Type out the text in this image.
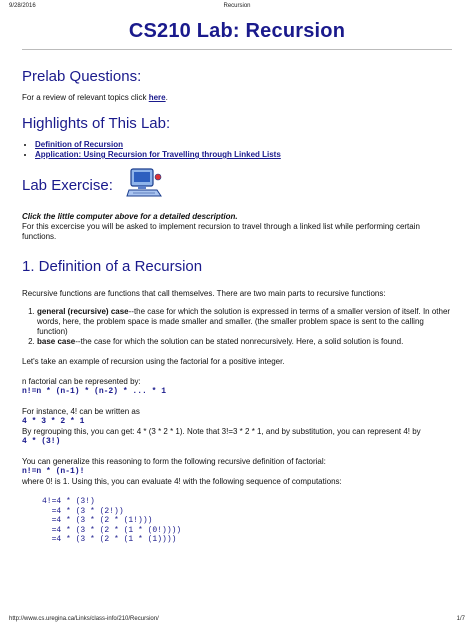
9/28/2016	Recursion
CS210 Lab: Recursion
Prelab Questions:

For a review of relevant topics click here.

Highlights of This Lab:
• Definition of Recursion
• Application: Using Recursion for Travelling through Linked Lists
Lab Exercise:

Click the little computer above for a detailed description.

For this excercise you will be asked to implement recursion to travel through a linked list while performing certain functions.

1. Definition of a Recursion

Recursive functions are functions that call themselves. There are two main parts to recursive functions:

1. general (recursive) case--the case for which the solution is expressed in terms of a smaller version of itself. In other words, here, the problem space is made smaller and smaller. (the smaller problem space is sent to the calling function)
2. base case--the case for which the solution can be stated nonrecursively. Here, a solid solution is found.

Let's take an example of recursion using the factorial for a positive integer.

n factorial can be represented by:

n!=n * (n-1) * (n-2) * ... * 1

For instance, 4! can be written as

4 * 3 * 2 * 1

By regrouping this, you can get: 4 * (3 * 2 * 1). Note that 3!=3 * 2 * 1, and by substitution, you can represent 4! by

4 * (3!)

You can generalize this reasoning to form the following recursive definition of factorial:

n!=n * (n-1)!

where 0! is 1. Using this, you can evaluate 4! with the following sequence of computations:

4!=4 * (3!)

=4 * (3 * (2!))

=4 * (3 * (2 * (1!)))

=4 * (3 * (2 * (1 * (0!))))

=4 * (3 * (2 * (1 * (1))))

http://www.cs.uregina.ca/Links/class-info/210/Recursion/	1/7
